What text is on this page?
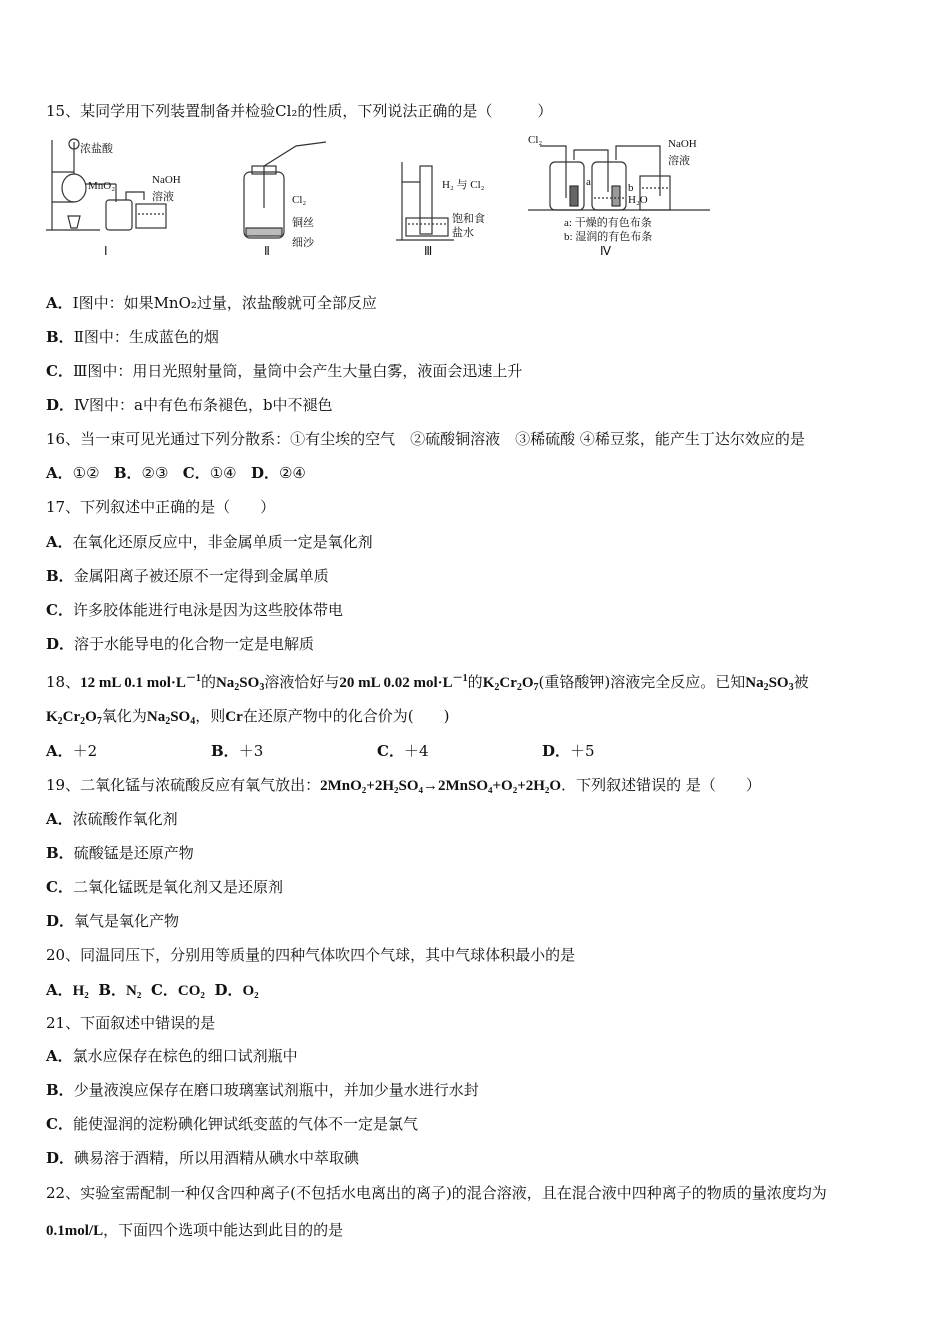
15、某同学用下列装置制备并检验Cl₂的性质，下列说法正确的是（　　　）
浓盐酸
MnO₂	NaOH
溶液
Ⅰ
Cl₂
铜丝
细沙
Ⅱ
H₂ 与 Cl₂
饱和食
盐水
Ⅲ
Cl₂	NaOH
溶液
a	b
H₂O
a: 干燥的有色布条
b: 湿润的有色布条
Ⅳ
A．Ⅰ图中：如果MnO₂过量，浓盐酸就可全部反应
B．Ⅱ图中：生成蓝色的烟
C．Ⅲ图中：用日光照射量筒，量筒中会产生大量白雾，液面会迅速上升
D．Ⅳ图中：a中有色布条褪色，b中不褪色
16、当一束可见光通过下列分散系：①有尘埃的空气　②硫酸铜溶液　③稀硫酸 ④稀豆浆，能产生丁达尔效应的是
A．①② B．②③ C．①④ D．②④
17、下列叙述中正确的是（　　）
A．在氧化还原反应中，非金属单质一定是氧化剂
B．金属阳离子被还原不一定得到金属单质
C．许多胶体能进行电泳是因为这些胶体带电
D．溶于水能导电的化合物一定是电解质
18、12 mL 0.1 $mol\cdot L^{-1}$的$Na_2SO_3$溶液恰好与20 mL 0.02 $mol\cdot L^{-1}$的$K_2Cr_2O_7$(重铬酸钾)溶液完全反应。已知$Na_2SO_3$被
$K_2Cr_2O_7$氧化为$Na_2SO_4$，则Cr在还原产物中的化合价为(　　)
A．＋2	B．＋3	C．＋4	D．＋5
19、二氧化锰与浓硫酸反应有氧气放出：2MnO₂+2H₂SO₄→2MnSO₄+O₂+2H₂O．下列叙述错误的 是（　　）
A．浓硫酸作氧化剂
B．硫酸锰是还原产物
C．二氧化锰既是氧化剂又是还原剂
D．氧气是氧化产物
20、同温同压下，分别用等质量的四种气体吹四个气球，其中气球体积最小的是
A．H₂ B．N₂ C．CO₂ D．O₂
21、下面叙述中错误的是
A．氯水应保存在棕色的细口试剂瓶中
B．少量液溴应保存在磨口玻璃塞试剂瓶中，并加少量水进行水封
C．能使湿润的淀粉碘化钾试纸变蓝的气体不一定是氯气
D．碘易溶于酒精，所以用酒精从碘水中萃取碘
22、实验室需配制一种仅含四种离子(不包括水电离出的离子)的混合溶液，且在混合液中四种离子的物质的量浓度均为
0.1mol/L，下面四个选项中能达到此目的的是
